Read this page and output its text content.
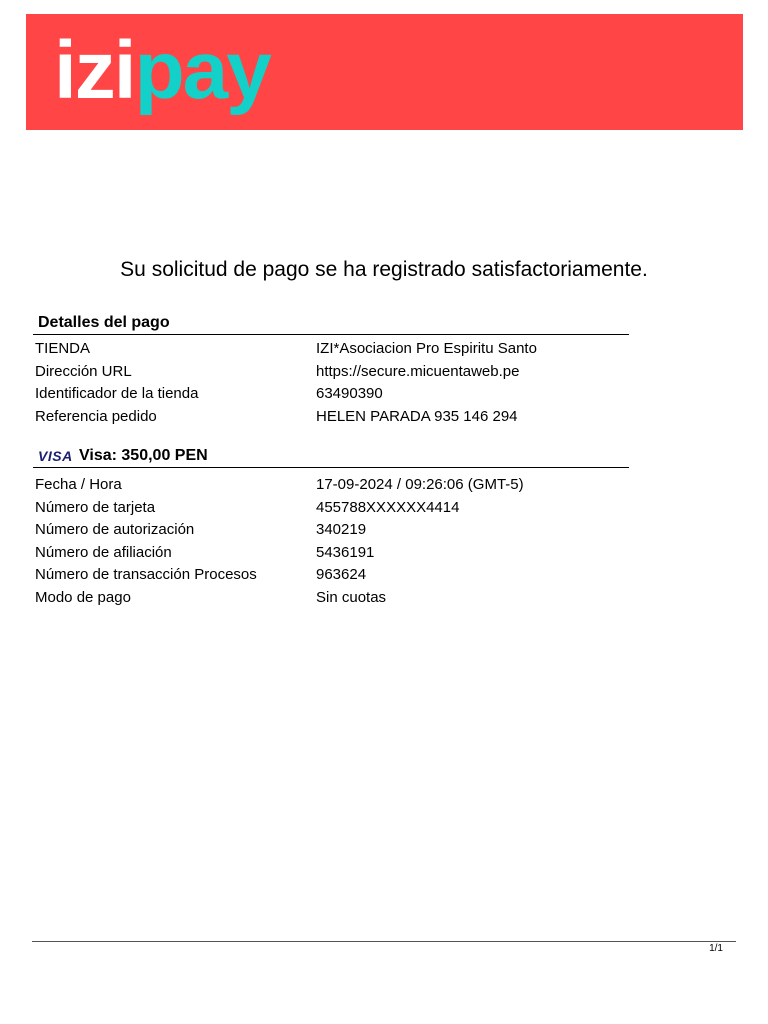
izipay
Su solicitud de pago se ha registrado satisfactoriamente.
Detalles del pago
TIENDA	IZI*Asociacion Pro Espiritu Santo
Dirección URL	https://secure.micuentaweb.pe
Identificador de la tienda	63490390
Referencia pedido	HELEN PARADA 935 146 294
VISA Visa: 350,00 PEN
Fecha / Hora	17-09-2024 / 09:26:06 (GMT-5)
Número de tarjeta	455788XXXXXX4414
Número de autorización	340219
Número de afiliación	5436191
Número de transacción Procesos	963624
Modo de pago	Sin cuotas
1/1
